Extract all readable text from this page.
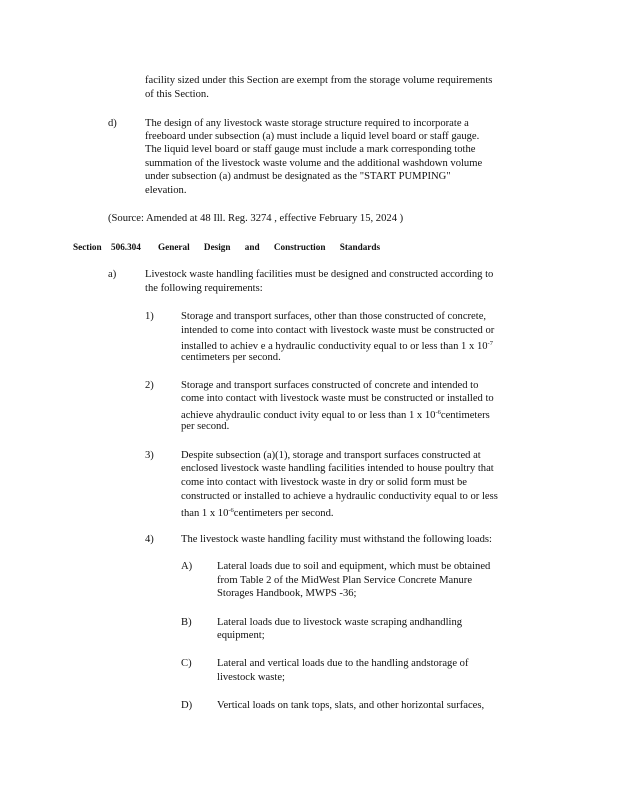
facility sized under this Section are exempt from the storage volume requirements
of this Section.
d)	The design of any livestock waste storage structure required to incorporate a
freeboard under subsection (a) must include a liquid level board or staff gauge.
The liquid level board or staff gauge must include a mark corresponding tothe
summation of the livestock waste volume and the additional washdown volume
under subsection (a) andmust be designated as the "START PUMPING"
elevation.
(Source: Amended at 48 Ill. Reg. 3274 , effective February 15, 2024 )
Section 506.304 General Design and Construction Standards
a)	Livestock waste handling facilities must be designed and constructed according to
the following requirements:
1)	Storage and transport surfaces, other than those constructed of concrete,
intended to come into contact with livestock waste must be constructed or
installed to achiev e a hydraulic conductivity equal to or less than 1 x $10^{-7}$
centimeters per second.
2)	Storage and transport surfaces constructed of concrete and intended to
come into contact with livestock waste must be constructed or installed to
achieve ahydraulic conduct ivity equal to or less than 1 x $10^{-6}centimeters$
per second.
3)	Despite subsection (a)(1), storage and transport surfaces constructed at
enclosed livestock waste handling facilities intended to house poultry that
come into contact with livestock waste in dry or solid form must be
constructed or installed to achieve a hydraulic conductivity equal to or less
than 1 x $10^{-6}centimeters$ per second.
4)	The livestock waste handling facility must withstand the following loads:
A) Lateral loads due to soil and equipment, which must be obtained
from Table 2 of the MidWest Plan Service Concrete Manure
Storages Handbook, MWPS -36;
B) Lateral loads due to livestock waste scraping andhandling
equipment;
C) Lateral and vertical loads due to the handling andstorage of
livestock waste;
D) Vertical loads on tank tops, slats, and other horizontal surfaces,
